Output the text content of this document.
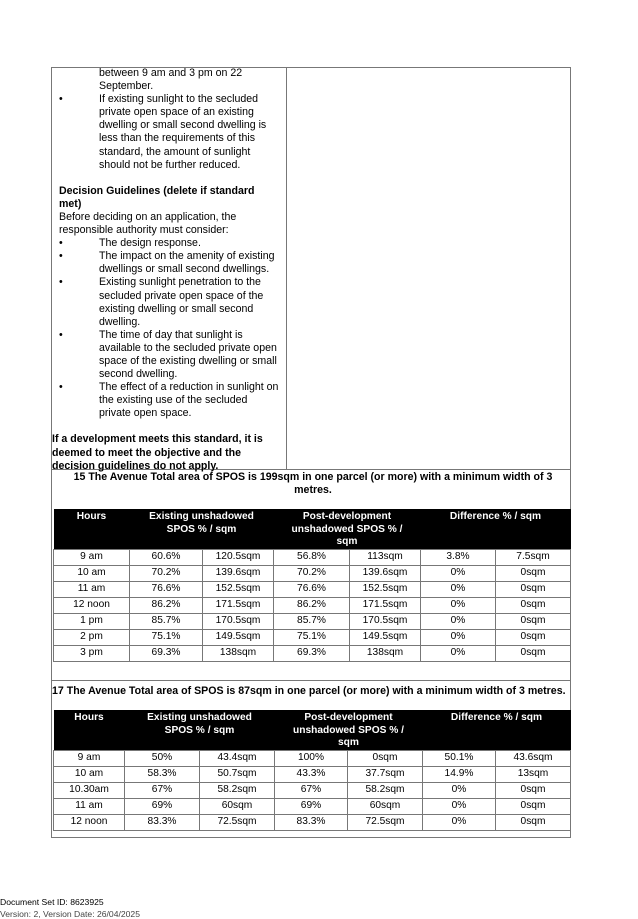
between 9 am and 3 pm on 22 September.
•	If existing sunlight to the secluded private open space of an existing dwelling or small second dwelling is less than the requirements of this standard, the amount of sunlight should not be further reduced.
Decision Guidelines (delete if standard met)
Before deciding on an application, the responsible authority must consider:
•	The design response.
•	The impact on the amenity of existing dwellings or small second dwellings.
•	Existing sunlight penetration to the secluded private open space of the existing dwelling or small second dwelling.
•	The time of day that sunlight is available to the secluded private open space of the existing dwelling or small second dwelling.
•	The effect of a reduction in sunlight on the existing use of the secluded private open space.
If a development meets this standard, it is deemed to meet the objective and the decision guidelines do not apply.
15 The Avenue Total area of SPOS is 199sqm in one parcel (or more) with a minimum width of 3 metres.
Hours	Existing unshadowed SPOS % / sqm		Post-development unshadowed SPOS % / sqm		Difference % / sqm	
9 am	60.6%	120.5sqm	56.8%	113sqm	3.8%	7.5sqm
10 am	70.2%	139.6sqm	70.2%	139.6sqm	0%	0sqm
11 am	76.6%	152.5sqm	76.6%	152.5sqm	0%	0sqm
12 noon	86.2%	171.5sqm	86.2%	171.5sqm	0%	0sqm
1 pm	85.7%	170.5sqm	85.7%	170.5sqm	0%	0sqm
2 pm	75.1%	149.5sqm	75.1%	149.5sqm	0%	0sqm
3 pm	69.3%	138sqm	69.3%	138sqm	0%	0sqm
17 The Avenue Total area of SPOS is 87sqm in one parcel (or more) with a minimum width of 3 metres.
Hours	Existing unshadowed SPOS % / sqm		Post-development unshadowed SPOS % / sqm		Difference % / sqm	
9 am	50%	43.4sqm	100%	0sqm	50.1%	43.6sqm
10 am	58.3%	50.7sqm	43.3%	37.7sqm	14.9%	13sqm
10.30am	67%	58.2sqm	67%	58.2sqm	0%	0sqm
11 am	69%	60sqm	69%	60sqm	0%	0sqm
12 noon	83.3%	72.5sqm	83.3%	72.5sqm	0%	0sqm
Document Set ID: 8623925
Version: 2, Version Date: 26/04/2025
